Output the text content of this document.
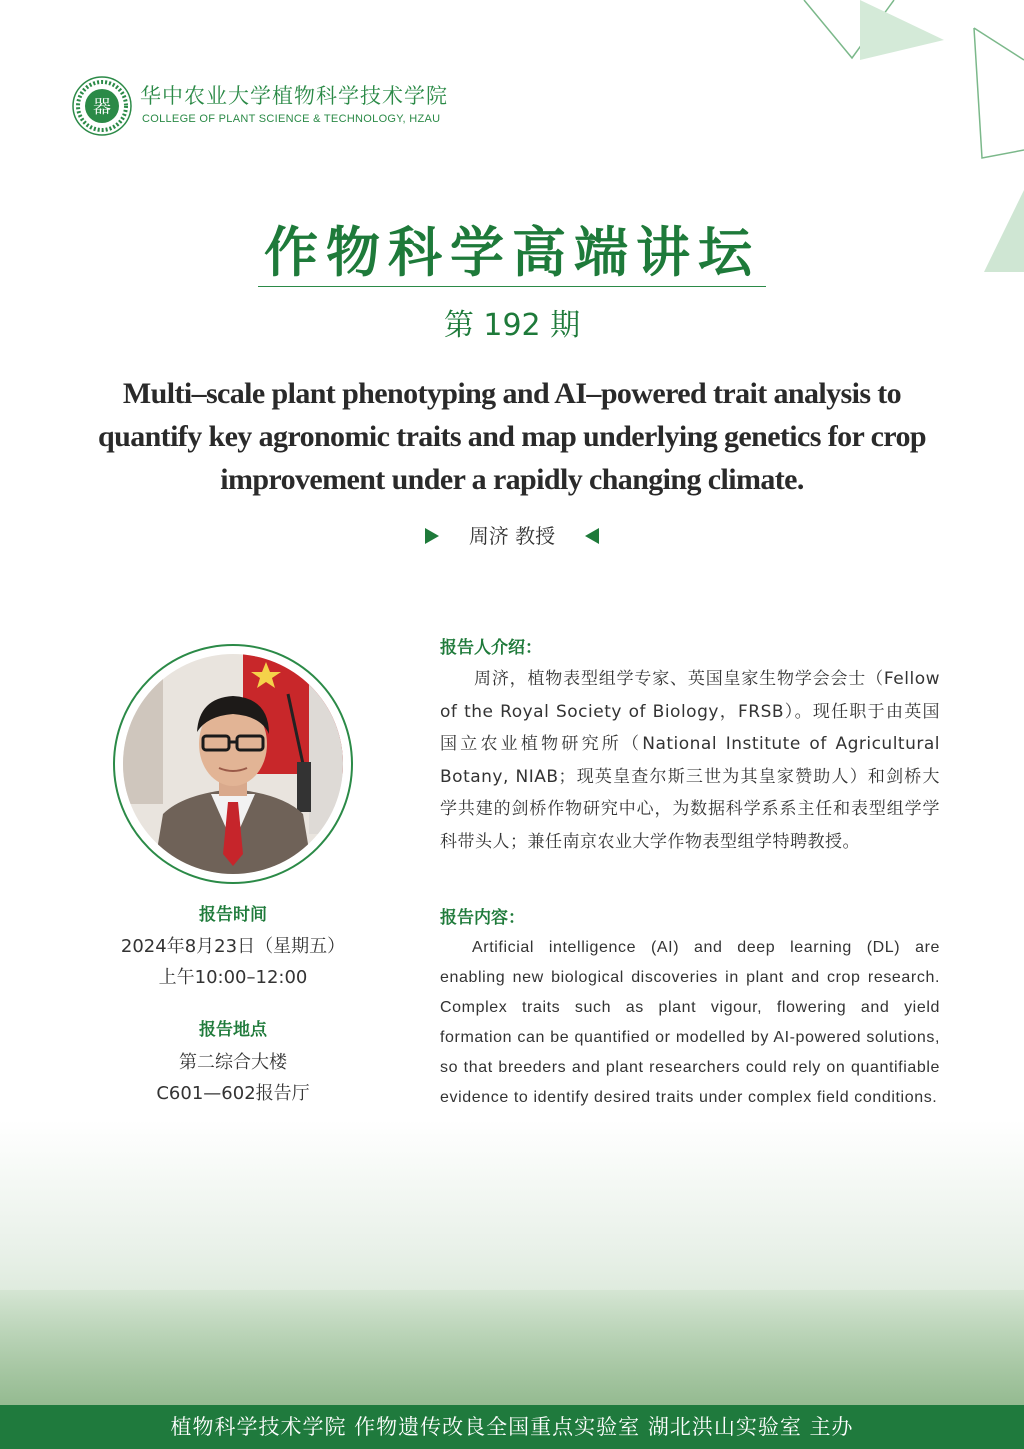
器 华中农业大学植物科学技术学院
COLLEGE OF PLANT SCIENCE & TECHNOLOGY, HZAU
作物科学高端讲坛
第 192 期
Multi–scale plant phenotyping and AI–powered trait analysis to quantify key agronomic traits and map underlying genetics for crop improvement under a rapidly changing climate.
周济 教授
报告时间
2024年8月23日（星期五）
上午10:00–12:00
报告地点
第二综合大楼
C601—602报告厅
报告人介绍：
周济，植物表型组学专家、英国皇家生物学会会士（Fellow of the Royal Society of Biology，FRSB）。现任职于由英国国立农业植物研究所（National Institute of Agricultural Botany, NIAB；现英皇查尔斯三世为其皇家赞助人）和剑桥大学共建的剑桥作物研究中心，为数据科学系系主任和表型组学学科带头人；兼任南京农业大学作物表型组学特聘教授。
报告内容：
Artificial intelligence (AI) and deep learning (DL) are enabling new biological discoveries in plant and crop research. Complex traits such as plant vigour, flowering and yield formation can be quantified or modelled by AI-powered solutions, so that breeders and plant researchers could rely on quantifiable evidence to identify desired traits under complex field conditions.
植物科学技术学院 作物遗传改良全国重点实验室 湖北洪山实验室 主办
